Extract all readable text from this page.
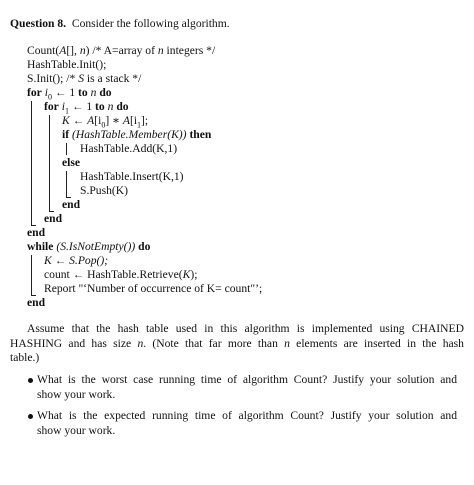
Question 8. Consider the following algorithm.
Count(A[], n) /* A=array of n integers */
HashTable.Init();
S.Init(); /* S is a stack */
for $i_0$ ← 1 to n do
for $i_1$ ← 1 to n do
K ← $A[i_0]$ ∗ $A[i_1]$;
if (HashTable.Member(K)) then
HashTable.Add(K,1)
else
HashTable.Insert(K,1)
S.Push(K)
end
end
end
while (S.IsNotEmpty()) do
K ← S.Pop();
count ← HashTable.Retrieve(K);
Report "‘Number of occurrence of K= count"’;
end
Assume that the hash table used in this algorithm is implemented using CHAINED
HASHING and has size n. (Note that far more than n elements are inserted in the hash
table.)
What is the worst case running time of algorithm Count? Justify your solution and
show your work.
What is the expected running time of algorithm Count? Justify your solution and
show your work.
